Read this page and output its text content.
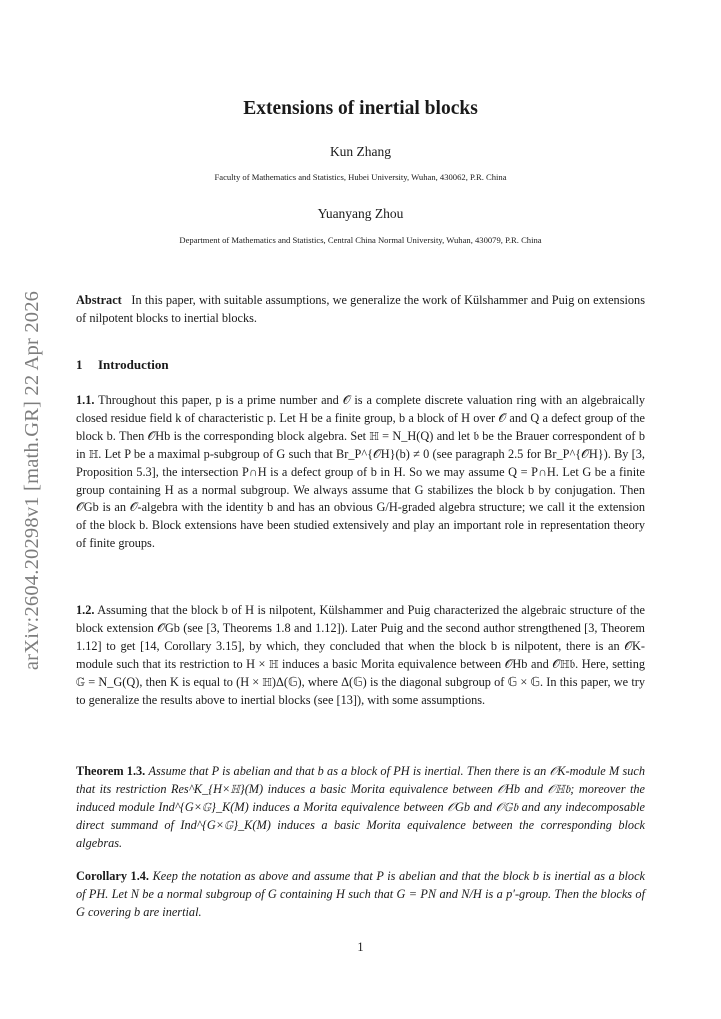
arXiv:2604.20298v1 [math.GR] 22 Apr 2026
Extensions of inertial blocks
Kun Zhang
Faculty of Mathematics and Statistics, Hubei University, Wuhan, 430062, P.R. China
Yuanyang Zhou
Department of Mathematics and Statistics, Central China Normal University, Wuhan, 430079, P.R. China
Abstract In this paper, with suitable assumptions, we generalize the work of Külshammer and Puig on extensions of nilpotent blocks to inertial blocks.
1 Introduction
1.1. Throughout this paper, p is a prime number and 𝒪 is a complete discrete valuation ring with an algebraically closed residue field k of characteristic p. Let H be a finite group, b a block of H over 𝒪 and Q a defect group of the block b. Then 𝒪Hb is the corresponding block algebra. Set ℍ = N_H(Q) and let 𝔟 be the Brauer correspondent of b in ℍ. Let P be a maximal p-subgroup of G such that Br_P^{𝒪H}(b) ≠ 0 (see paragraph 2.5 for Br_P^{𝒪H}). By [3, Proposition 5.3], the intersection P∩H is a defect group of b in H. So we may assume Q = P∩H. Let G be a finite group containing H as a normal subgroup. We always assume that G stabilizes the block b by conjugation. Then 𝒪Gb is an 𝒪-algebra with the identity b and has an obvious G/H-graded algebra structure; we call it the extension of the block b. Block extensions have been studied extensively and play an important role in representation theory of finite groups.
1.2. Assuming that the block b of H is nilpotent, Külshammer and Puig characterized the algebraic structure of the block extension 𝒪Gb (see [3, Theorems 1.8 and 1.12]). Later Puig and the second author strengthened [3, Theorem 1.12] to get [14, Corollary 3.15], by which, they concluded that when the block b is nilpotent, there is an 𝒪K-module such that its restriction to H × ℍ induces a basic Morita equivalence between 𝒪Hb and 𝒪ℍ𝔟. Here, setting 𝔾 = N_G(Q), then K is equal to (H × ℍ)Δ(𝔾), where Δ(𝔾) is the diagonal subgroup of 𝔾 × 𝔾. In this paper, we try to generalize the results above to inertial blocks (see [13]), with some assumptions.
Theorem 1.3. Assume that P is abelian and that b as a block of PH is inertial. Then there is an 𝒪K-module M such that its restriction Res^K_{H×ℍ}(M) induces a basic Morita equivalence between 𝒪Hb and 𝒪ℍ𝔟; moreover the induced module Ind^{G×𝔾}_K(M) induces a Morita equivalence between 𝒪Gb and 𝒪𝔾𝔟 and any indecomposable direct summand of Ind^{G×𝔾}_K(M) induces a basic Morita equivalence between the corresponding block algebras.
Corollary 1.4. Keep the notation as above and assume that P is abelian and that the block b is inertial as a block of PH. Let N be a normal subgroup of G containing H such that G = PN and N/H is a p′-group. Then the blocks of G covering b are inertial.
1
